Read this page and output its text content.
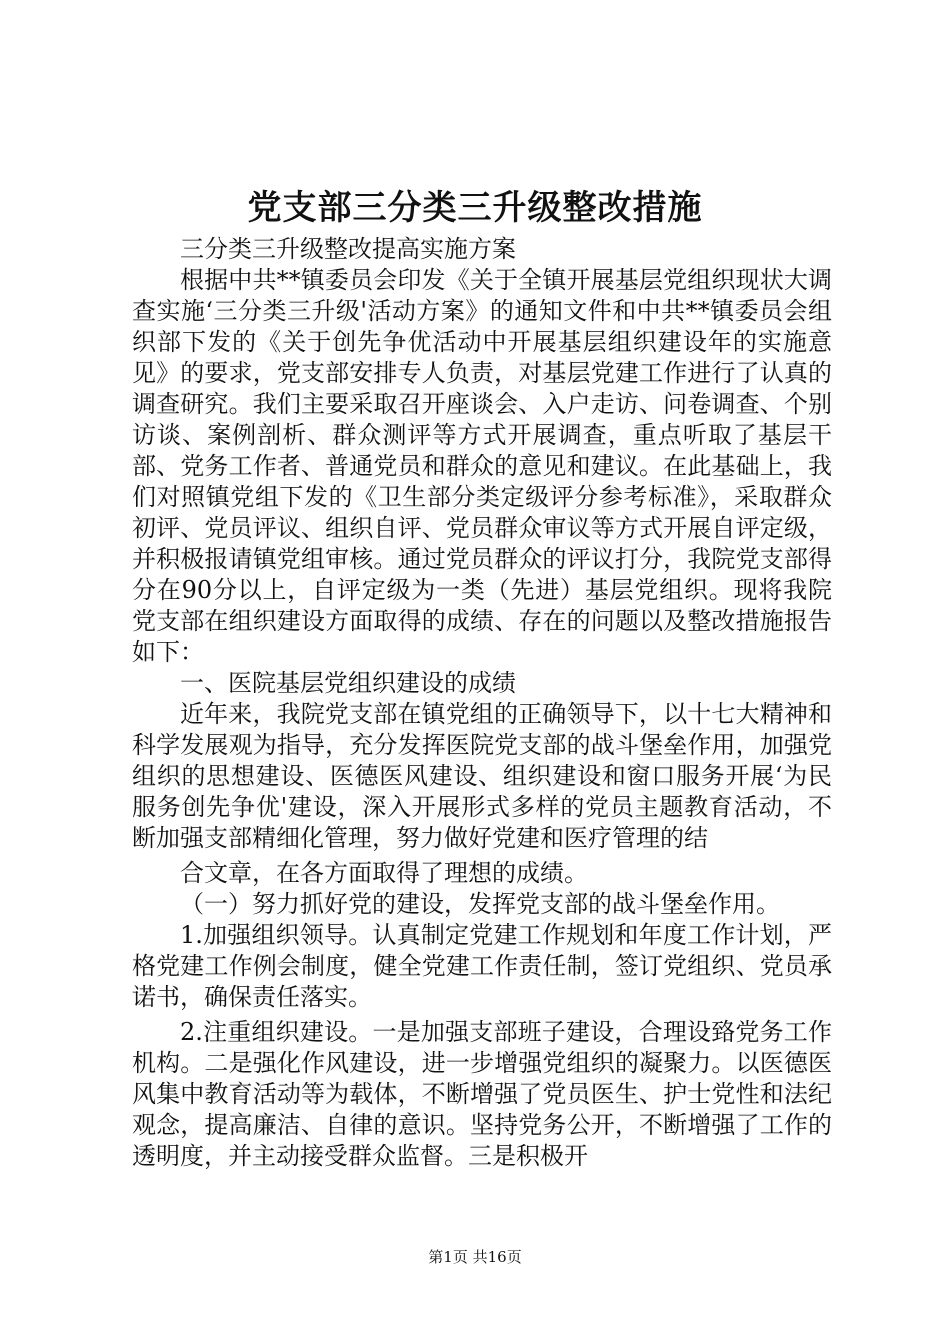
党支部三分类三升级整改措施

三分类三升级整改提高实施方案

根据中共**镇委员会印发《关于全镇开展基层党组织现状大调查实施‘三分类三升级'活动方案》的通知文件和中共**镇委员会组织部下发的《关于创先争优活动中开展基层组织建设年的实施意见》的要求，党支部安排专人负责，对基层党建工作进行了认真的调查研究。我们主要采取召开座谈会、入户走访、问卷调查、个别访谈、案例剖析、群众测评等方式开展调查，重点听取了基层干部、党务工作者、普通党员和群众的意见和建议。在此基础上，我们对照镇党组下发的《卫生部分类定级评分参考标准》，采取群众初评、党员评议、组织自评、党员群众审议等方式开展自评定级，并积极报请镇党组审核。通过党员群众的评议打分，我院党支部得分在90分以上，自评定级为一类（先进）基层党组织。现将我院党支部在组织建设方面取得的成绩、存在的问题以及整改措施报告如下：

一、医院基层党组织建设的成绩

近年来，我院党支部在镇党组的正确领导下，以十七大精神和科学发展观为指导，充分发挥医院党支部的战斗堡垒作用，加强党组织的思想建设、医德医风建设、组织建设和窗口服务开展‘为民服务创先争优'建设，深入开展形式多样的党员主题教育活动，不断加强支部精细化管理，努力做好党建和医疗管理的结

合文章，在各方面取得了理想的成绩。

（一）努力抓好党的建设，发挥党支部的战斗堡垒作用。

1.加强组织领导。认真制定党建工作规划和年度工作计划，严格党建工作例会制度，健全党建工作责任制，签订党组织、党员承诺书，确保责任落实。

2.注重组织建设。一是加强支部班子建设，合理设臵党务工作机构。二是强化作风建设，进一步增强党组织的凝聚力。以医德医风集中教育活动等为载体，不断增强了党员医生、护士党性和法纪观念，提高廉洁、自律的意识。坚持党务公开，不断增强了工作的透明度，并主动接受群众监督。三是积极开

第1页 共16页
